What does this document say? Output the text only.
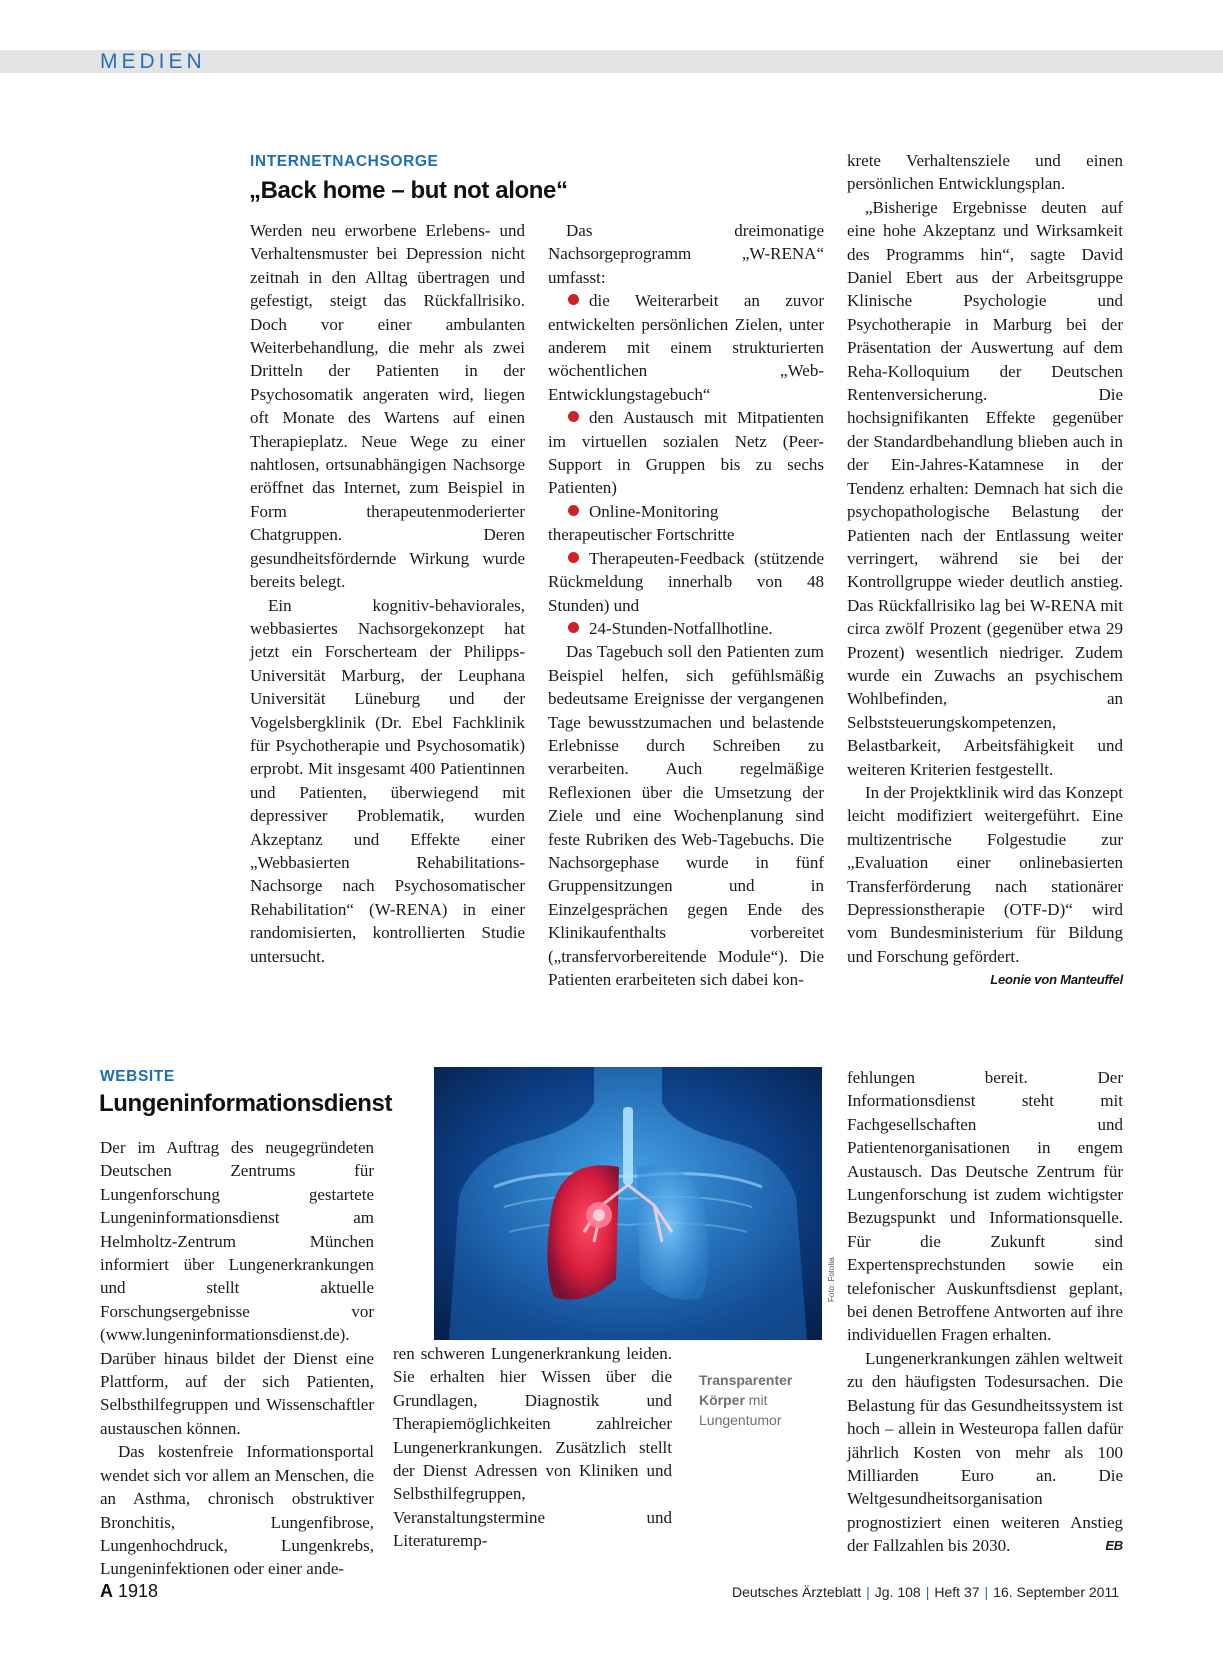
MEDIEN
INTERNETNACHSORGE
„Back home – but not alone“

Werden neu erworbene Erlebens- und Verhaltensmuster bei Depression nicht zeitnah in den Alltag übertragen und gefestigt, steigt das Rückfallrisiko. Doch vor einer ambulanten Weiterbehandlung, die mehr als zwei Dritteln der Patienten in der Psychosomatik angeraten wird, liegen oft Monate des Wartens auf einen Therapieplatz. Neue Wege zu einer nahtlosen, ortsunabhängigen Nachsorge eröffnet das Internet, zum Beispiel in Form therapeutenmoderierter Chatgruppen. Deren gesundheitsfördernde Wirkung wurde bereits belegt.

Ein kognitiv-behaviorales, webbasiertes Nachsorgekonzept hat jetzt ein Forscherteam der Philipps-Universität Marburg, der Leuphana Universität Lüneburg und der Vogelsbergklinik (Dr. Ebel Fachklinik für Psychotherapie und Psychosomatik) erprobt. Mit insgesamt 400 Patientinnen und Patienten, überwiegend mit depressiver Problematik, wurden Akzeptanz und Effekte einer „Webbasierten Rehabilitations-Nachsorge nach Psychosomatischer Rehabilitation“ (W-RENA) in einer randomisierten, kontrollierten Studie untersucht.

Das dreimonatige Nachsorgeprogramm „W-RENA“ umfasst:

die Weiterarbeit an zuvor entwickelten persönlichen Zielen, unter anderem mit einem strukturierten wöchentlichen „Web-Entwicklungstagebuch“

den Austausch mit Mitpatienten im virtuellen sozialen Netz (Peer-Support in Gruppen bis zu sechs Patienten)

Online-Monitoring therapeutischer Fortschritte

Therapeuten-Feedback (stützende Rückmeldung innerhalb von 48 Stunden) und

24-Stunden-Notfallhotline.

Das Tagebuch soll den Patienten zum Beispiel helfen, sich gefühlsmäßig bedeutsame Ereignisse der vergangenen Tage bewusstzumachen und belastende Erlebnisse durch Schreiben zu verarbeiten. Auch regelmäßige Reflexionen über die Umsetzung der Ziele und eine Wochenplanung sind feste Rubriken des Web-Tagebuchs. Die Nachsorgephase wurde in fünf Gruppensitzungen und in Einzelgesprächen gegen Ende des Klinikaufenthalts vorbereitet („transfervorbereitende Module“). Die Patienten erarbeiteten sich dabei kon-

krete Verhaltensziele und einen persönlichen Entwicklungsplan.

„Bisherige Ergebnisse deuten auf eine hohe Akzeptanz und Wirksamkeit des Programms hin“, sagte David Daniel Ebert aus der Arbeitsgruppe Klinische Psychologie und Psychotherapie in Marburg bei der Präsentation der Auswertung auf dem Reha-Kolloquium der Deutschen Rentenversicherung. Die hochsignifikanten Effekte gegenüber der Standardbehandlung blieben auch in der Ein-Jahres-Katamnese in der Tendenz erhalten: Demnach hat sich die psychopathologische Belastung der Patienten nach der Entlassung weiter verringert, während sie bei der Kontrollgruppe wieder deutlich anstieg. Das Rückfallrisiko lag bei W-RENA mit circa zwölf Prozent (gegenüber etwa 29 Prozent) wesentlich niedriger. Zudem wurde ein Zuwachs an psychischem Wohlbefinden, an Selbststeuerungskompetenzen, Belastbarkeit, Arbeitsfähigkeit und weiteren Kriterien festgestellt.

In der Projektklinik wird das Konzept leicht modifiziert weitergeführt. Eine multizentrische Folgestudie zur „Evaluation einer onlinebasierten Transferförderung nach stationärer Depressionstherapie (OTF-D)“ wird vom Bundesministerium für Bildung und Forschung gefördert.
Leonie von Manteuffel

WEBSITE
Lungeninformationsdienst

Der im Auftrag des neugegründeten Deutschen Zentrums für Lungenforschung gestartete Lungeninformationsdienst am Helmholtz-Zentrum München informiert über Lungenerkrankungen und stellt aktuelle Forschungsergebnisse vor (www.lungeninformationsdienst.de). Darüber hinaus bildet der Dienst eine Plattform, auf der sich Patienten, Selbsthilfegruppen und Wissenschaftler austauschen können.

Das kostenfreie Informationsportal wendet sich vor allem an Menschen, die an Asthma, chronisch obstruktiver Bronchitis, Lungenfibrose, Lungenhochdruck, Lungenkrebs, Lungeninfektionen oder einer ande-

Foto: Fotolia

ren schweren Lungenerkrankung leiden. Sie erhalten hier Wissen über die Grundlagen, Diagnostik und Therapiemöglichkeiten zahlreicher Lungenerkrankungen. Zusätzlich stellt der Dienst Adressen von Kliniken und Selbsthilfegruppen, Veranstaltungstermine und Literaturemp-

Transparenter Körper mit Lungentumor

fehlungen bereit. Der Informationsdienst steht mit Fachgesellschaften und Patientenorganisationen in engem Austausch. Das Deutsche Zentrum für Lungenforschung ist zudem wichtigster Bezugspunkt und Informationsquelle. Für die Zukunft sind Expertensprechstunden sowie ein telefonischer Auskunftsdienst geplant, bei denen Betroffene Antworten auf ihre individuellen Fragen erhalten.

Lungenerkrankungen zählen weltweit zu den häufigsten Todesursachen. Die Belastung für das Gesundheitssystem ist hoch – allein in Westeuropa fallen dafür jährlich Kosten von mehr als 100 Milliarden Euro an. Die Weltgesundheitsorganisation prognostiziert einen weiteren Anstieg der Fallzahlen bis 2030.	EB

A 1918	Deutsches Ärzteblatt | Jg. 108 | Heft 37 | 16. September 2011
